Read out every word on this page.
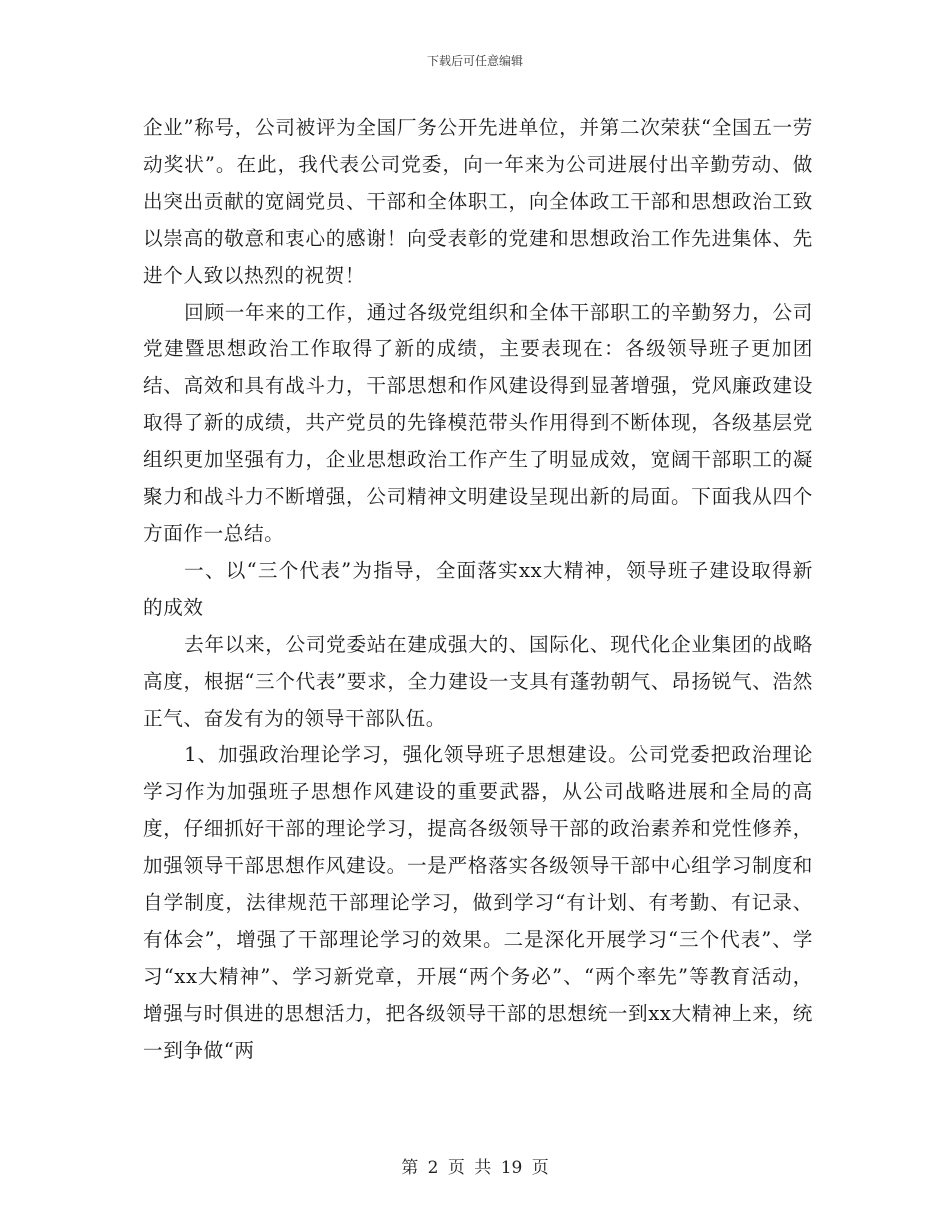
下载后可任意编辑

企业”称号，公司被评为全国厂务公开先进单位，并第二次荣获“全国五一劳动奖状”。在此，我代表公司党委，向一年来为公司进展付出辛勤劳动、做出突出贡献的宽阔党员、干部和全体职工，向全体政工干部和思想政治工致以崇高的敬意和衷心的感谢！向受表彰的党建和思想政治工作先进集体、先进个人致以热烈的祝贺！

回顾一年来的工作，通过各级党组织和全体干部职工的辛勤努力，公司党建暨思想政治工作取得了新的成绩，主要表现在：各级领导班子更加团结、高效和具有战斗力，干部思想和作风建设得到显著增强，党风廉政建设取得了新的成绩，共产党员的先锋模范带头作用得到不断体现，各级基层党组织更加坚强有力，企业思想政治工作产生了明显成效，宽阔干部职工的凝聚力和战斗力不断增强，公司精神文明建设呈现出新的局面。下面我从四个方面作一总结。

一、以“三个代表”为指导，全面落实xx大精神，领导班子建设取得新的成效

去年以来，公司党委站在建成强大的、国际化、现代化企业集团的战略高度，根据“三个代表”要求，全力建设一支具有蓬勃朝气、昂扬锐气、浩然正气、奋发有为的领导干部队伍。

1、加强政治理论学习，强化领导班子思想建设。公司党委把政治理论学习作为加强班子思想作风建设的重要武器，从公司战略进展和全局的高度，仔细抓好干部的理论学习，提高各级领导干部的政治素养和党性修养，加强领导干部思想作风建设。一是严格落实各级领导干部中心组学习制度和自学制度，法律规范干部理论学习，做到学习“有计划、有考勤、有记录、有体会”，增强了干部理论学习的效果。二是深化开展学习“三个代表”、学习“xx大精神”、学习新党章，开展“两个务必”、“两个率先”等教育活动，增强与时俱进的思想活力，把各级领导干部的思想统一到xx大精神上来，统一到争做“两

第 2 页 共 19 页
